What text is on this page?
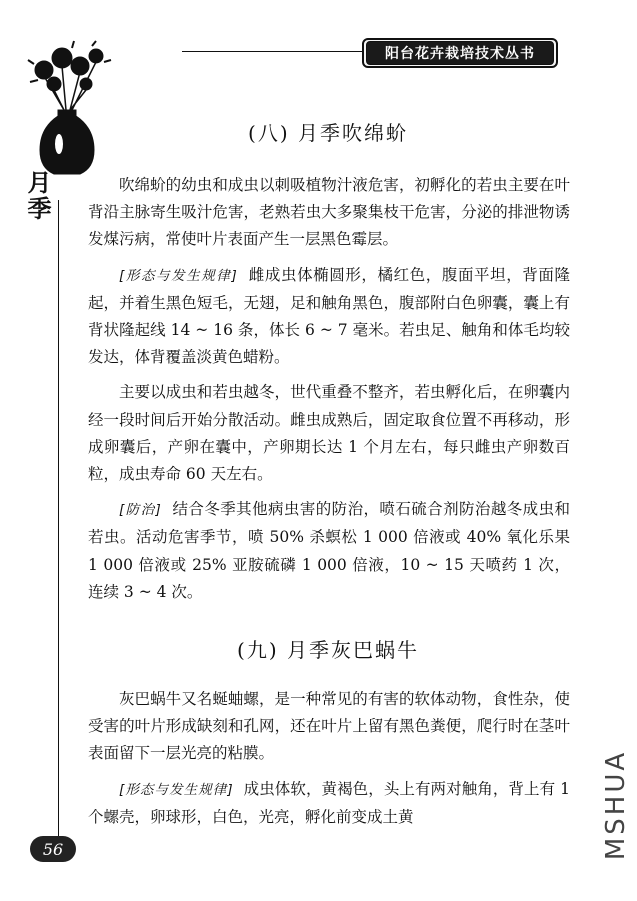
阳台花卉栽培技术丛书
月季
(八) 月季吹绵蚧

吹绵蚧的幼虫和成虫以刺吸植物汁液危害，初孵化的若虫主要在叶背沿主脉寄生吸汁危害，老熟若虫大多聚集枝干危害，分泌的排泄物诱发煤污病，常使叶片表面产生一层黑色霉层。

[形态与发生规律] 雌成虫体椭圆形，橘红色，腹面平坦，背面隆起，并着生黑色短毛，无翅，足和触角黑色，腹部附白色卵囊，囊上有背状隆起线 14 ~ 16 条，体长 6 ~ 7 毫米。若虫足、触角和体毛均较发达，体背覆盖淡黄色蜡粉。

主要以成虫和若虫越冬，世代重叠不整齐，若虫孵化后，在卵囊内经一段时间后开始分散活动。雌虫成熟后，固定取食位置不再移动，形成卵囊后，产卵在囊中，产卵期长达 1 个月左右，每只雌虫产卵数百粒，成虫寿命 60 天左右。

[防治] 结合冬季其他病虫害的防治，喷石硫合剂防治越冬成虫和若虫。活动危害季节，喷 50% 杀螟松 1 000 倍液或 40% 氧化乐果 1 000 倍液或 25% 亚胺硫磷 1 000 倍液，10 ~ 15 天喷药 1 次，连续 3 ~ 4 次。

(九) 月季灰巴蜗牛

灰巴蜗牛又名蜒蚰螺，是一种常见的有害的软体动物，食性杂，使受害的叶片形成缺刻和孔网，还在叶片上留有黑色粪便，爬行时在茎叶表面留下一层光亮的粘膜。

[形态与发生规律] 成虫体软，黄褐色，头上有两对触角，背上有 1 个螺壳，卵球形，白色，光亮，孵化前变成土黄

56	MSHUA
